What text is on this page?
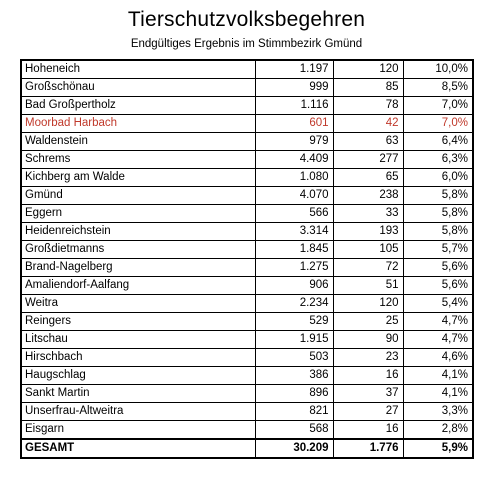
Tierschutzvolksbegehren
Endgültiges Ergebnis im Stimmbezirk Gmünd
Hoheneich	1.197	120	10,0%
Großschönau	999	85	8,5%
Bad Großpertholz	1.116	78	7,0%
Moorbad Harbach	601	42	7,0%
Waldenstein	979	63	6,4%
Schrems	4.409	277	6,3%
Kichberg am Walde	1.080	65	6,0%
Gmünd	4.070	238	5,8%
Eggern	566	33	5,8%
Heidenreichstein	3.314	193	5,8%
Großdietmanns	1.845	105	5,7%
Brand-Nagelberg	1.275	72	5,6%
Amaliendorf-Aalfang	906	51	5,6%
Weitra	2.234	120	5,4%
Reingers	529	25	4,7%
Litschau	1.915	90	4,7%
Hirschbach	503	23	4,6%
Haugschlag	386	16	4,1%
Sankt Martin	896	37	4,1%
Unserfrau-Altweitra	821	27	3,3%
Eisgarn	568	16	2,8%
GESAMT	30.209	1.776	5,9%
